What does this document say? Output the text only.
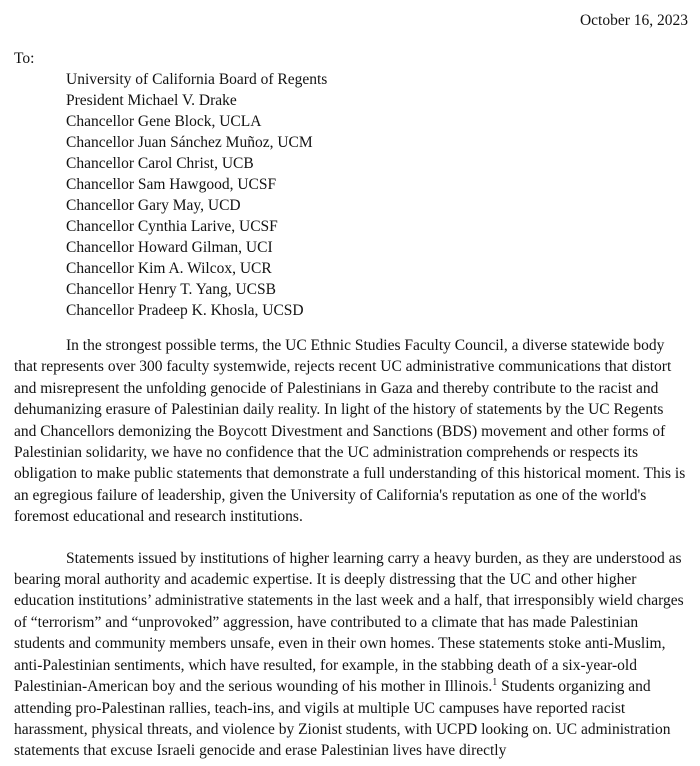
October 16, 2023
To:
University of California Board of Regents
President Michael V. Drake
Chancellor Gene Block, UCLA
Chancellor Juan Sánchez Muñoz, UCM
Chancellor Carol Christ, UCB
Chancellor Sam Hawgood, UCSF
Chancellor Gary May, UCD
Chancellor Cynthia Larive, UCSF
Chancellor Howard Gilman, UCI
Chancellor Kim A. Wilcox, UCR
Chancellor Henry T. Yang, UCSB
Chancellor Pradeep K. Khosla, UCSD

In the strongest possible terms, the UC Ethnic Studies Faculty Council, a diverse statewide body that represents over 300 faculty systemwide, rejects recent UC administrative communications that distort and misrepresent the unfolding genocide of Palestinians in Gaza and thereby contribute to the racist and dehumanizing erasure of Palestinian daily reality. In light of the history of statements by the UC Regents and Chancellors demonizing the Boycott Divestment and Sanctions (BDS) movement and other forms of Palestinian solidarity, we have no confidence that the UC administration comprehends or respects its obligation to make public statements that demonstrate a full understanding of this historical moment. This is an egregious failure of leadership, given the University of California's reputation as one of the world's foremost educational and research institutions.

Statements issued by institutions of higher learning carry a heavy burden, as they are understood as bearing moral authority and academic expertise. It is deeply distressing that the UC and other higher education institutions’ administrative statements in the last week and a half, that irresponsibly wield charges of “terrorism” and “unprovoked” aggression, have contributed to a climate that has made Palestinian students and community members unsafe, even in their own homes. These statements stoke anti-Muslim, anti-Palestinian sentiments, which have resulted, for example, in the stabbing death of a six-year-old Palestinian-American boy and the serious wounding of his mother in Illinois.$^1$ Students organizing and attending pro-Palestinan rallies, teach-ins, and vigils at multiple UC campuses have reported racist harassment, physical threats, and violence by Zionist students, with UCPD looking on. UC administration statements that excuse Israeli genocide and erase Palestinian lives have directly
